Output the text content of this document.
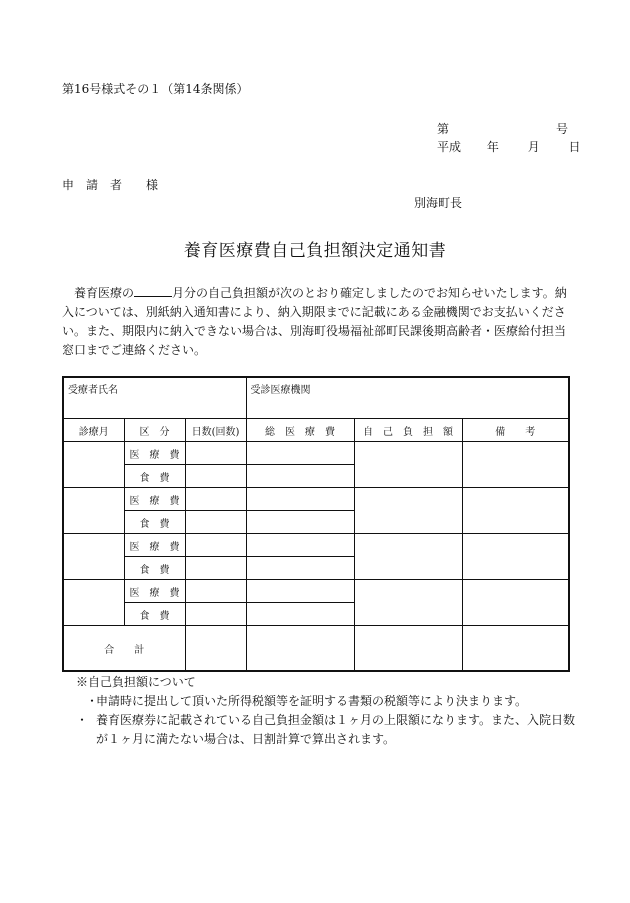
第16号様式その１（第14条関係）
第	号
平成 年 月 日
申　請　者　　様
別海町長
養育医療費自己負担額決定通知書
養育医療の	月分の自己負担額が次のとおり確定しましたのでお知らせいたします。納入については、別紙納入通知書により、納入期限までに記載にある金融機関でお支払いください。また、期限内に納入できない場合は、別海町役場福祉部町民課後期高齢者・医療給付担当窓口までご連絡ください。
受療者氏名			受診医療機関		
診療月	区　分	日数(回数)	総　医　療　費	自　己　負　担　額	備　　考
	医　療　費				
	食　費				
	医　療　費				
	食　費				
	医　療　費				
	食　費				
	医　療　費				
	食　費				
合　　計					
※自己負担額について
・申請時に提出して頂いた所得税額等を証明する書類の税額等により決まります。
・ 養育医療券に記載されている自己負担金額は１ヶ月の上限額になります。また、入院日数が１ヶ月に満たない場合は、日割計算で算出されます。
